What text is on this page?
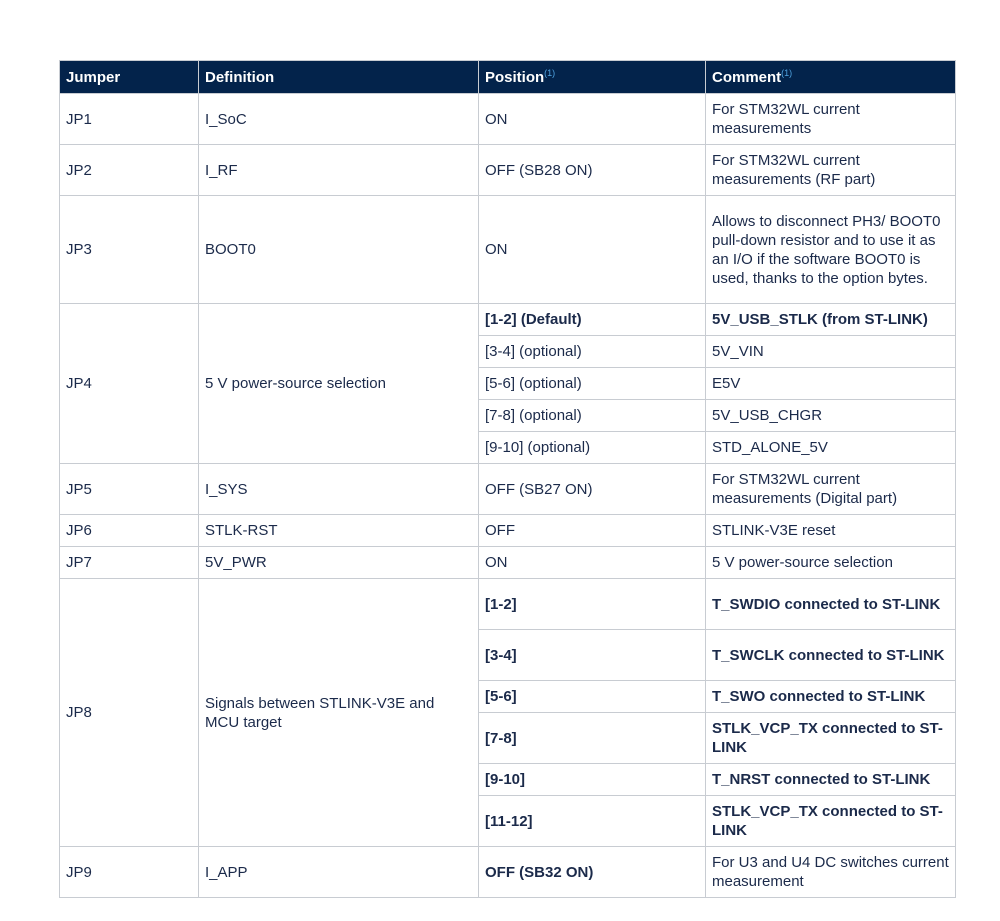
Jumper	Definition	Position$^{(1)}$	Comment$^{(1)}$
JP1	I_SoC	ON	For STM32WL current measurements
JP2	I_RF	OFF (SB28 ON)	For STM32WL current measurements (RF part)
JP3	BOOT0	ON	Allows to disconnect PH3/ BOOT0 pull-down resistor and to use it as an I/O if the software BOOT0 is used, thanks to the option bytes.
JP4	5 V power-source selection	[1-2] (Default)	5V_USB_STLK (from ST-LINK)
		[3-4] (optional)	5V_VIN
		[5-6] (optional)	E5V
		[7-8] (optional)	5V_USB_CHGR
		[9-10] (optional)	STD_ALONE_5V
JP5	I_SYS	OFF (SB27 ON)	For STM32WL current measurements (Digital part)
JP6	STLK-RST	OFF	STLINK-V3E reset
JP7	5V_PWR	ON	5 V power-source selection
JP8	Signals between STLINK-V3E and MCU target	[1-2]	T_SWDIO connected to ST-LINK
		[3-4]	T_SWCLK connected to ST-LINK
		[5-6]	T_SWO connected to ST-LINK
		[7-8]	STLK_VCP_TX connected to ST-LINK
		[9-10]	T_NRST connected to ST-LINK
		[11-12]	STLK_VCP_TX connected to ST-LINK
JP9	I_APP	OFF (SB32 ON)	For U3 and U4 DC switches current measurement
